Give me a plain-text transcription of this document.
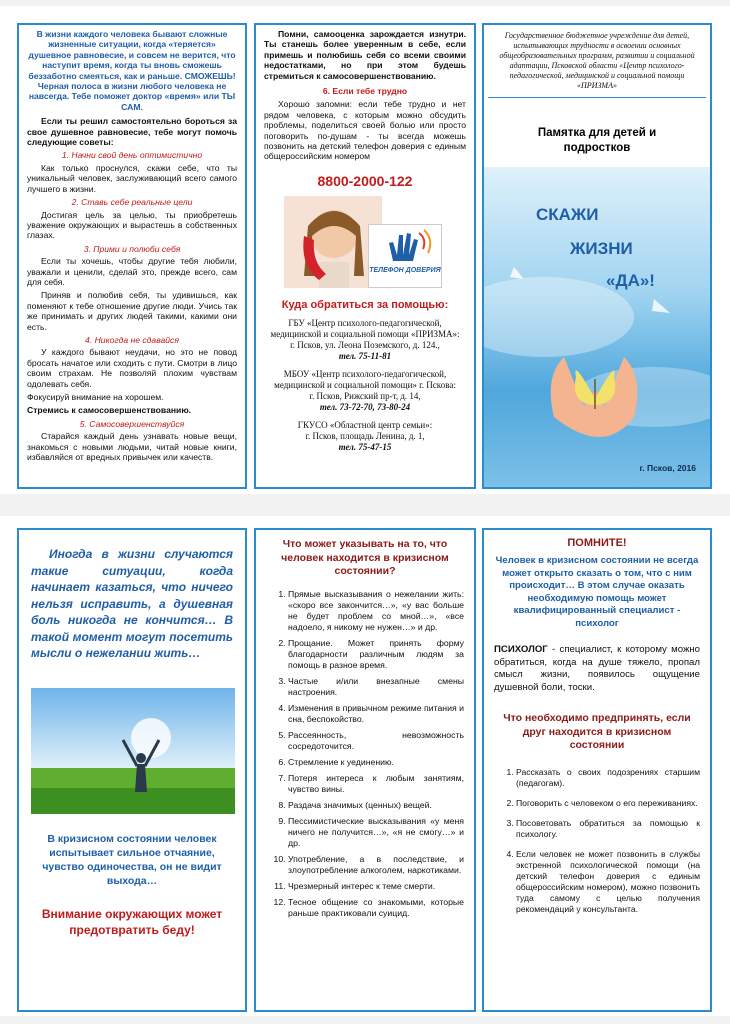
В жизни каждого человека бывают сложные жизненные ситуации, когда «теряется» душевное равновесие, и совсем не верится, что наступит время, когда ты вновь сможешь беззаботно смеяться, как и раньше. СМОЖЕШЬ! Черная полоса в жизни любого человека не навсегда. Тебе поможет доктор «время» или ТЫ САМ.

Если ты решил самостоятельно бороться за свое душевное равновесие, тебе могут помочь следующие советы:

1. Начни свой день оптимистично

Как только проснулся, скажи себе, что ты уникальный человек, заслуживающий всего самого лучшего в жизни.

2. Ставь себе реальные цели

Достигая цель за целью, ты приобретешь уважение окружающих и вырастешь в собственных глазах.

3. Прими и полюби себя

Если ты хочешь, чтобы другие тебя любили, уважали и ценили, сделай это, прежде всего, сам для себя.

Приняв и полюбив себя, ты удивишься, как поменяют к тебе отношение другие люди. Учись так же принимать и других людей такими, какими они есть.

4. Никогда не сдавайся

У каждого бывают неудачи, но это не повод бросать начатое или сходить с пути. Смотри в лицо своим страхам. Не позволяй плохим чувствам одолевать себя.

Фокусируй внимание на хорошем.

Стремись к самосовершенствованию.

5. Самосовершенствуйся

Старайся каждый день узнавать новые вещи, знакомься с новыми людьми, читай новые книги, избавляйся от вредных привычек или качеств.

Помни, самооценка зарождается изнутри. Ты станешь более уверенным в себе, если примешь и полюбишь себя со всеми своими недостатками, но при этом будешь стремиться к самосовершенствованию.

6. Если тебе трудно

Хорошо запомни: если тебе трудно и нет рядом человека, с которым можно обсудить проблемы, поделиться своей болью или просто поговорить по-душам - ты всегда можешь позвонить на детский телефон доверия с единым общероссийским номером

8800-2000-122

ТЕЛЕФОН ДОВЕРИЯ

Куда обратиться за помощью:

ГБУ «Центр психолого-педагогической, медицинской и социальной помощи «ПРИЗМА»:
г. Псков, ул. Леона Поземского, д. 124.,
тел. 75-11-81
МБОУ «Центр психолого-педагогической, медицинской и социальной помощи» г. Пскова:
г. Псков, Рижский пр-т, д. 14,
тел. 73-72-70, 73-80-24
ГКУСО «Областной центр семьи»:
г. Псков, площадь Ленина, д. 1,
тел. 75-47-15
Государственное бюджетное учреждение для детей, испытывающих трудности в освоении основных общеобразовательных программ, развитии и социальной адаптации, Псковской области «Центр психолого-педагогической, медицинской и социальной помощи «ПРИЗМА»
Памятка для детей и подростков
СКАЖИ
ЖИЗНИ
«ДА»!
г. Псков, 2016

Иногда в жизни случаются такие ситуации, когда начинает казаться, что ничего нельзя исправить, а душевная боль никогда не кончится… В такой момент могут посетить мысли о нежелании жить…

В кризисном состоянии человек испытывает сильное отчаяние, чувство одиночества, он не видит выхода…

Внимание окружающих может предотвратить беду!

Что может указывать на то, что человек находится в кризисном состоянии?

1. Прямые высказывания о нежелании жить: «скоро все закончится…», «у вас больше не будет проблем со мной…», «все надоело, я никому не нужен…» и др.
2. Прощание. Может принять форму благодарности различным людям за помощь в разное время.
3. Частые и/или внезапные смены настроения.
4. Изменения в привычном режиме питания и сна, беспокойство.
5. Рассеянность, невозможность сосредоточится.
6. Стремление к уединению.
7. Потеря интереса к любым занятиям, чувство вины.
8. Раздача значимых (ценных) вещей.
9. Пессимистические высказывания «у меня ничего не получится…», «я не смогу…» и др.
10. Употребление, а в последствие, и злоупотребление алкоголем, наркотиками.
11. Чрезмерный интерес к теме смерти.
12. Тесное общение со знакомыми, которые раньше практиковали суицид.

ПОМНИТЕ!

Человек в кризисном состоянии не всегда может открыто сказать о том, что с ним происходит… В этом случае оказать необходимую помощь может квалифицированный специалист - психолог

ПСИХОЛОГ - специалист, к которому можно обратиться, когда на душе тяжело, пропал смысл жизни, появилось ощущение душевной боли, тоски.

Что необходимо предпринять, если друг находится в кризисном состоянии

1. Рассказать о своих подозрениях старшим (педагогам).
2. Поговорить с человеком о его переживаниях.
3. Посоветовать обратиться за помощью к психологу.
4. Если человек не может позвонить в службы экстренной психологической помощи (на детский телефон доверия с единым общероссийским номером), можно позвонить туда самому с целью получения рекомендаций у консультанта.
